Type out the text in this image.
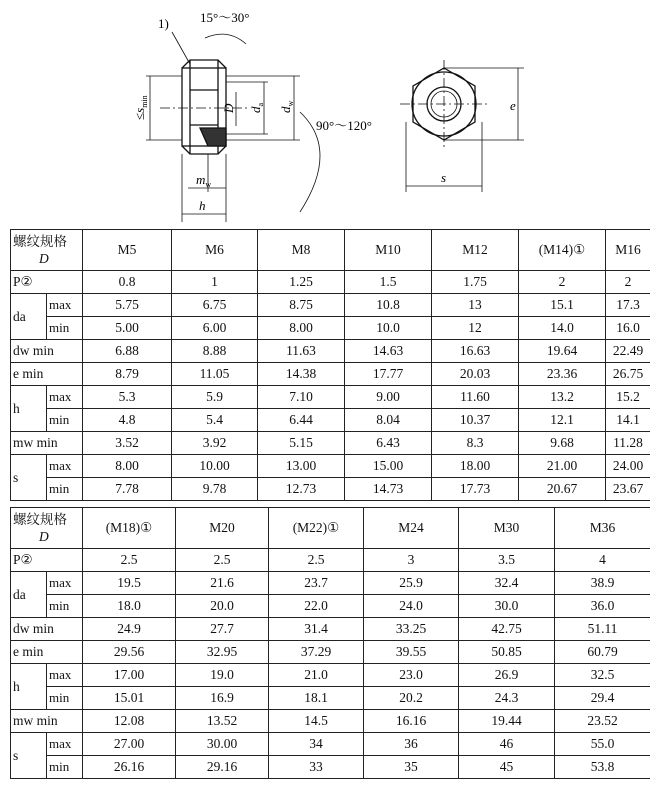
1) 15°～30°
90°～120°
$\le s_{min}$
D $d_a$
$d_w$
$m_w$
h
s
e
螺纹规格
D		M5	M6	M8	M10	M12	(M14)①	M16
P②		0.8	1	1.25	1.5	1.75	2	2
da	max	5.75	6.75	8.75	10.8	13	15.1	17.3
	min	5.00	6.00	8.00	10.0	12	14.0	16.0
dw min		6.88	8.88	11.63	14.63	16.63	19.64	22.49
e min		8.79	11.05	14.38	17.77	20.03	23.36	26.75
h	max	5.3	5.9	7.10	9.00	11.60	13.2	15.2
	min	4.8	5.4	6.44	8.04	10.37	12.1	14.1
mw min		3.52	3.92	5.15	6.43	8.3	9.68	11.28
s	max	8.00	10.00	13.00	15.00	18.00	21.00	24.00
	min	7.78	9.78	12.73	14.73	17.73	20.67	23.67
螺纹规格
D		(M18)①	M20	(M22)①	M24	M30	M36
P②		2.5	2.5	2.5	3	3.5	4
da	max	19.5	21.6	23.7	25.9	32.4	38.9
	min	18.0	20.0	22.0	24.0	30.0	36.0
dw min		24.9	27.7	31.4	33.25	42.75	51.11
e min		29.56	32.95	37.29	39.55	50.85	60.79
h	max	17.00	19.0	21.0	23.0	26.9	32.5
	min	15.01	16.9	18.1	20.2	24.3	29.4
mw min		12.08	13.52	14.5	16.16	19.44	23.52
s	max	27.00	30.00	34	36	46	55.0
	min	26.16	29.16	33	35	45	53.8
